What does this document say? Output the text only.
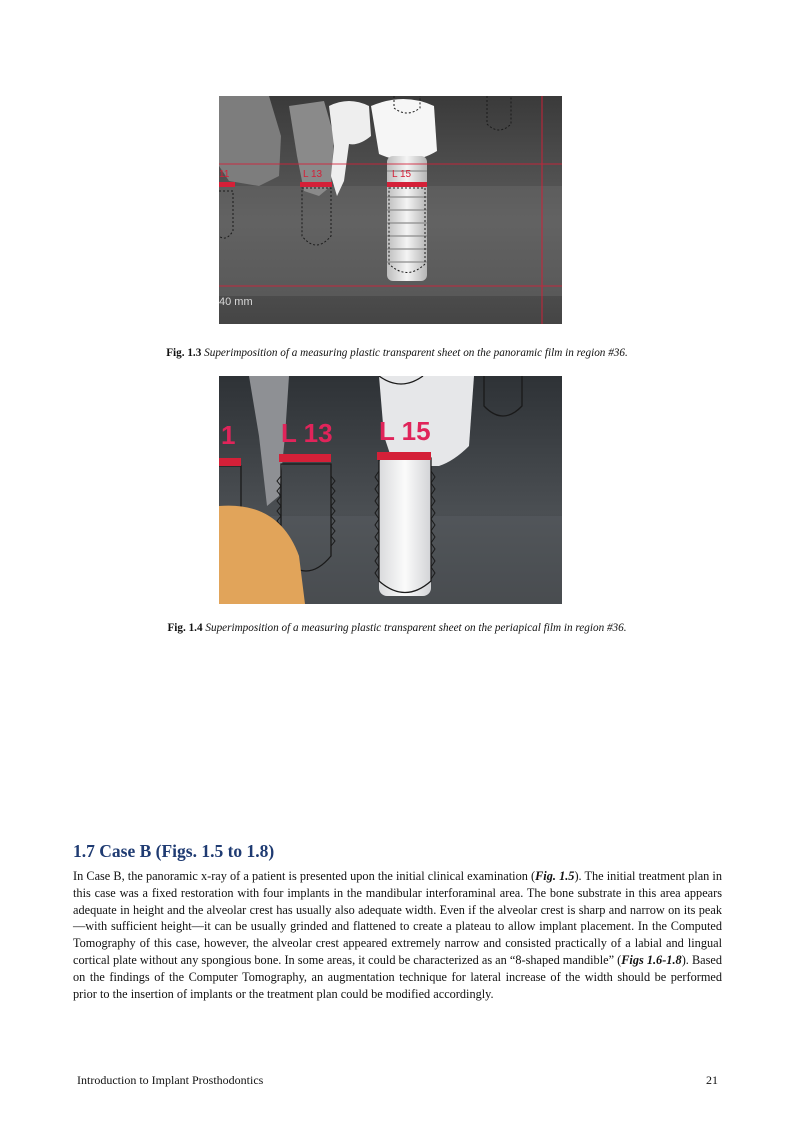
11	L 13	L 15
40 mm
Fig. 1.3 Superimposition of a measuring plastic transparent sheet on the panoramic film in region #36.
1 L 13 L 15
Fig. 1.4 Superimposition of a measuring plastic transparent sheet on the periapical film in region #36.
1.7 Case B (Figs. 1.5 to 1.8)

In Case B, the panoramic x-ray of a patient is presented upon the initial clinical examination (Fig. 1.5). The initial treatment plan in this case was a fixed restoration with four implants in the mandibular interforaminal area. The bone substrate in this area appears adequate in height and the alveolar crest has usually also adequate width. Even if the alveolar crest is sharp and narrow on its peak—with sufficient height—it can be usually grinded and flattened to create a plateau to allow implant placement. In the Computed Tomography of this case, however, the alveolar crest appeared extremely narrow and consisted practically of a labial and lingual cortical plate without any spongious bone. In some areas, it could be characterized as an “8-shaped mandible” (Figs 1.6-1.8). Based on the findings of the Computer Tomography, an augmentation technique for lateral increase of the width should be performed prior to the insertion of implants or the treatment plan could be modified accordingly.

Introduction to Implant Prosthodontics	21
